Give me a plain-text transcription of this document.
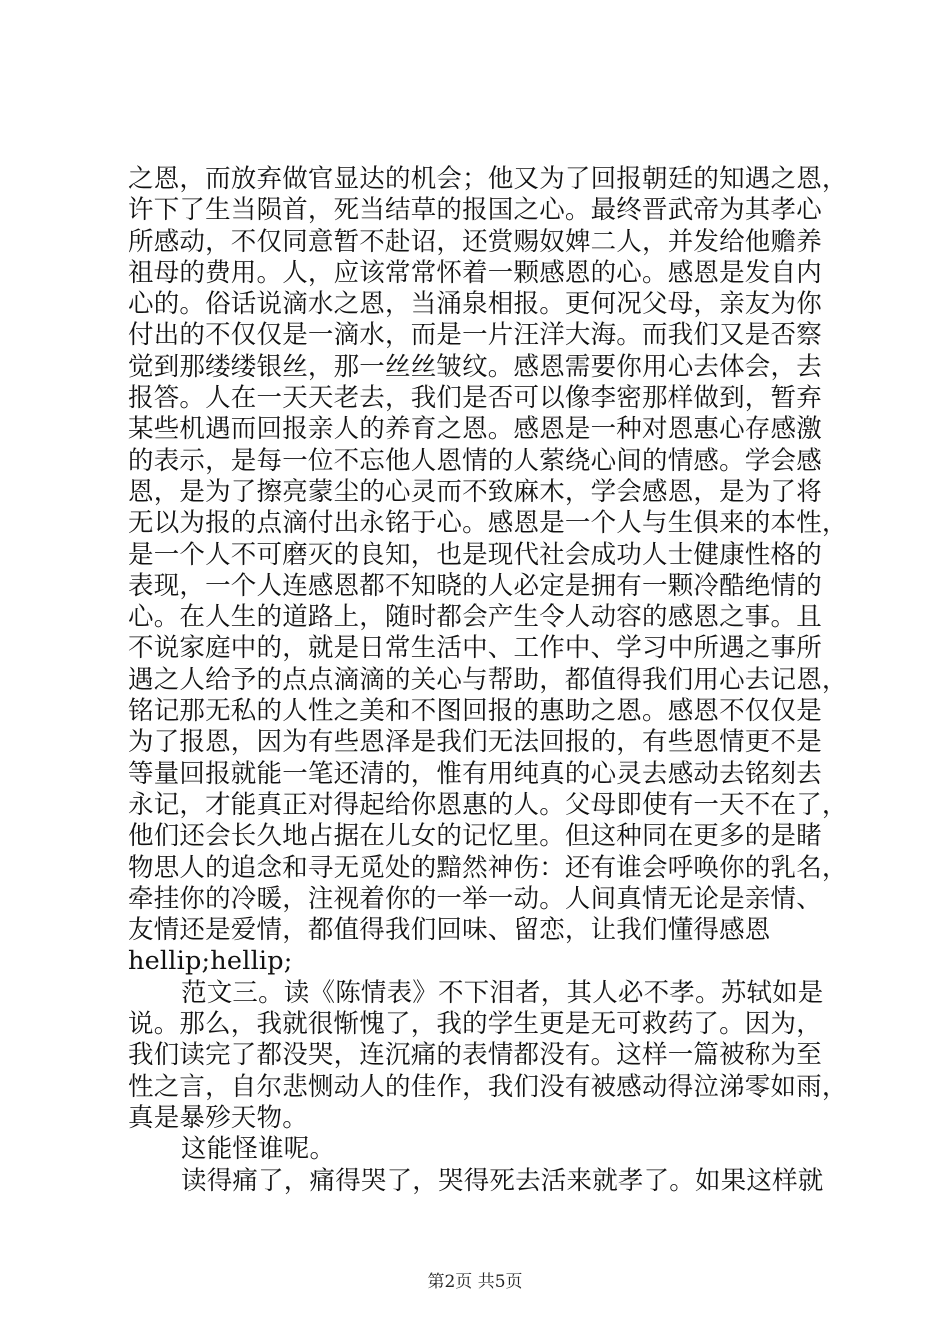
之恩，而放弃做官显达的机会；他又为了回报朝廷的知遇之恩，
许下了生当陨首，死当结草的报国之心。最终晋武帝为其孝心
所感动，不仅同意暂不赴诏，还赏赐奴婢二人，并发给他赡养
祖母的费用。人，应该常常怀着一颗感恩的心。感恩是发自内
心的。俗话说滴水之恩，当涌泉相报。更何况父母，亲友为你
付出的不仅仅是一滴水，而是一片汪洋大海。而我们又是否察
觉到那缕缕银丝，那一丝丝皱纹。感恩需要你用心去体会，去
报答。人在一天天老去，我们是否可以像李密那样做到，暂弃
某些机遇而回报亲人的养育之恩。感恩是一种对恩惠心存感激
的表示，是每一位不忘他人恩情的人萦绕心间的情感。学会感
恩，是为了擦亮蒙尘的心灵而不致麻木，学会感恩，是为了将
无以为报的点滴付出永铭于心。感恩是一个人与生俱来的本性，
是一个人不可磨灭的良知，也是现代社会成功人士健康性格的
表现，一个人连感恩都不知晓的人必定是拥有一颗冷酷绝情的
心。在人生的道路上，随时都会产生令人动容的感恩之事。且
不说家庭中的，就是日常生活中、工作中、学习中所遇之事所
遇之人给予的点点滴滴的关心与帮助，都值得我们用心去记恩，
铭记那无私的人性之美和不图回报的惠助之恩。感恩不仅仅是
为了报恩，因为有些恩泽是我们无法回报的，有些恩情更不是
等量回报就能一笔还清的，惟有用纯真的心灵去感动去铭刻去
永记，才能真正对得起给你恩惠的人。父母即使有一天不在了，
他们还会长久地占据在儿女的记忆里。但这种同在更多的是睹
物思人的追念和寻无觅处的黯然神伤：还有谁会呼唤你的乳名，
牵挂你的冷暖，注视着你的一举一动。人间真情无论是亲情、
友情还是爱情，都值得我们回味、留恋，让我们懂得感恩
hellip;hellip;
范文三。读《陈情表》不下泪者，其人必不孝。苏轼如是
说。那么，我就很惭愧了，我的学生更是无可救药了。因为，
我们读完了都没哭，连沉痛的表情都没有。这样一篇被称为至
性之言，自尔悲恻动人的佳作，我们没有被感动得泣涕零如雨，
真是暴殄天物。
这能怪谁呢。
读得痛了，痛得哭了，哭得死去活来就孝了。如果这样就
第2页 共5页
